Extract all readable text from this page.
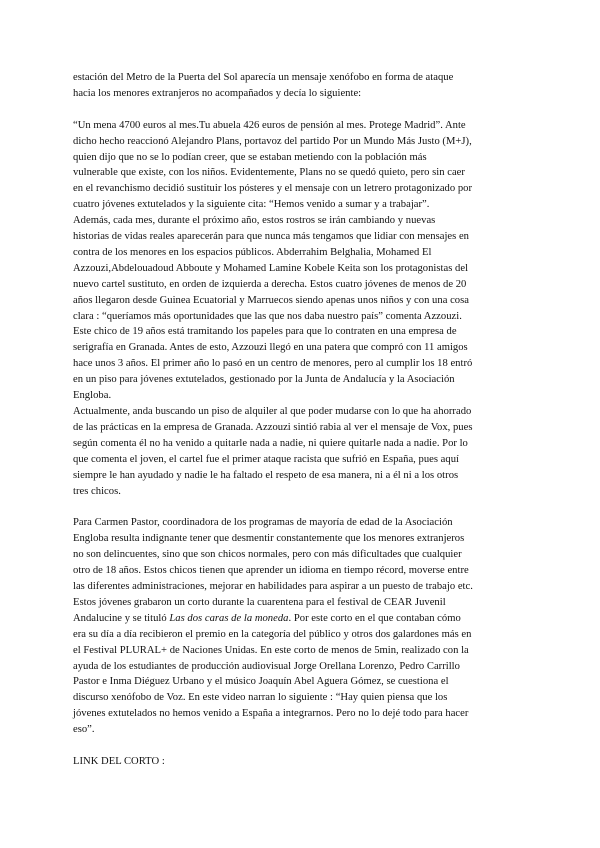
estación del Metro de la Puerta del Sol aparecía un mensaje xenófobo en forma de ataque
hacia los menores extranjeros no acompañados y decía lo siguiente:

“Un mena 4700 euros al mes.Tu abuela 426 euros de pensión al mes. Protege Madrid”. Ante
dicho hecho reaccionó Alejandro Plans, portavoz del partido Por un Mundo Más Justo (M+J),
quien dijo que no se lo podían creer, que se estaban metiendo con la población más
vulnerable que existe, con los niños. Evidentemente, Plans no se quedó quieto, pero sin caer
en el revanchismo decidió sustituir los pósteres y el mensaje con un letrero protagonizado por
cuatro jóvenes extutelados y la siguiente cita: “Hemos venido a sumar y a trabajar”.
Además, cada mes, durante el próximo año, estos rostros se irán cambiando y nuevas
historias de vidas reales aparecerán para que nunca más tengamos que lidiar con mensajes en
contra de los menores en los espacios públicos. Abderrahim Belghalia, Mohamed El
Azzouzi,Abdelouadoud Abboute y Mohamed Lamine Kobele Keita son los protagonistas del
nuevo cartel sustituto, en orden de izquierda a derecha. Estos cuatro jóvenes de menos de 20
años llegaron desde Guinea Ecuatorial y Marruecos siendo apenas unos niños y con una cosa
clara : “queríamos más oportunidades que las que nos daba nuestro país” comenta Azzouzi.
Este chico de 19 años está tramitando los papeles para que lo contraten en una empresa de
serigrafía en Granada. Antes de esto, Azzouzi llegó en una patera que compró con 11 amigos
hace unos 3 años. El primer año lo pasó en un centro de menores, pero al cumplir los 18 entró
en un piso para jóvenes extutelados, gestionado por la Junta de Andalucía y la Asociación
Engloba.
Actualmente, anda buscando un piso de alquiler al que poder mudarse con lo que ha ahorrado
de las prácticas en la empresa de Granada. Azzouzi sintió rabia al ver el mensaje de Vox, pues
según comenta él no ha venido a quitarle nada a nadie, ni quiere quitarle nada a nadie. Por lo
que comenta el joven, el cartel fue el primer ataque racista que sufrió en España, pues aquí
siempre le han ayudado y nadie le ha faltado el respeto de esa manera, ni a él ni a los otros
tres chicos.

Para Carmen Pastor, coordinadora de los programas de mayoría de edad de la Asociación
Engloba resulta indignante tener que desmentir constantemente que los menores extranjeros
no son delincuentes, sino que son chicos normales, pero con más dificultades que cualquier
otro de 18 años. Estos chicos tienen que aprender un idioma en tiempo récord, moverse entre
las diferentes administraciones, mejorar en habilidades para aspirar a un puesto de trabajo etc.
Estos jóvenes grabaron un corto durante la cuarentena para el festival de CEAR Juvenil
Andalucine y se tituló Las dos caras de la moneda. Por este corto en el que contaban cómo
era su día a día recibieron el premio en la categoría del público y otros dos galardones más en
el Festival PLURAL+ de Naciones Unidas. En este corto de menos de 5min, realizado con la
ayuda de los estudiantes de producción audiovisual Jorge Orellana Lorenzo, Pedro Carrillo
Pastor e Inma Diéguez Urbano y el músico Joaquín Abel Aguera Gómez, se cuestiona el
discurso xenófobo de Voz. En este video narran lo siguiente : “Hay quien piensa que los
jóvenes extutelados no hemos venido a España a integrarnos. Pero no lo dejé todo para hacer
eso”.

LINK DEL CORTO :
